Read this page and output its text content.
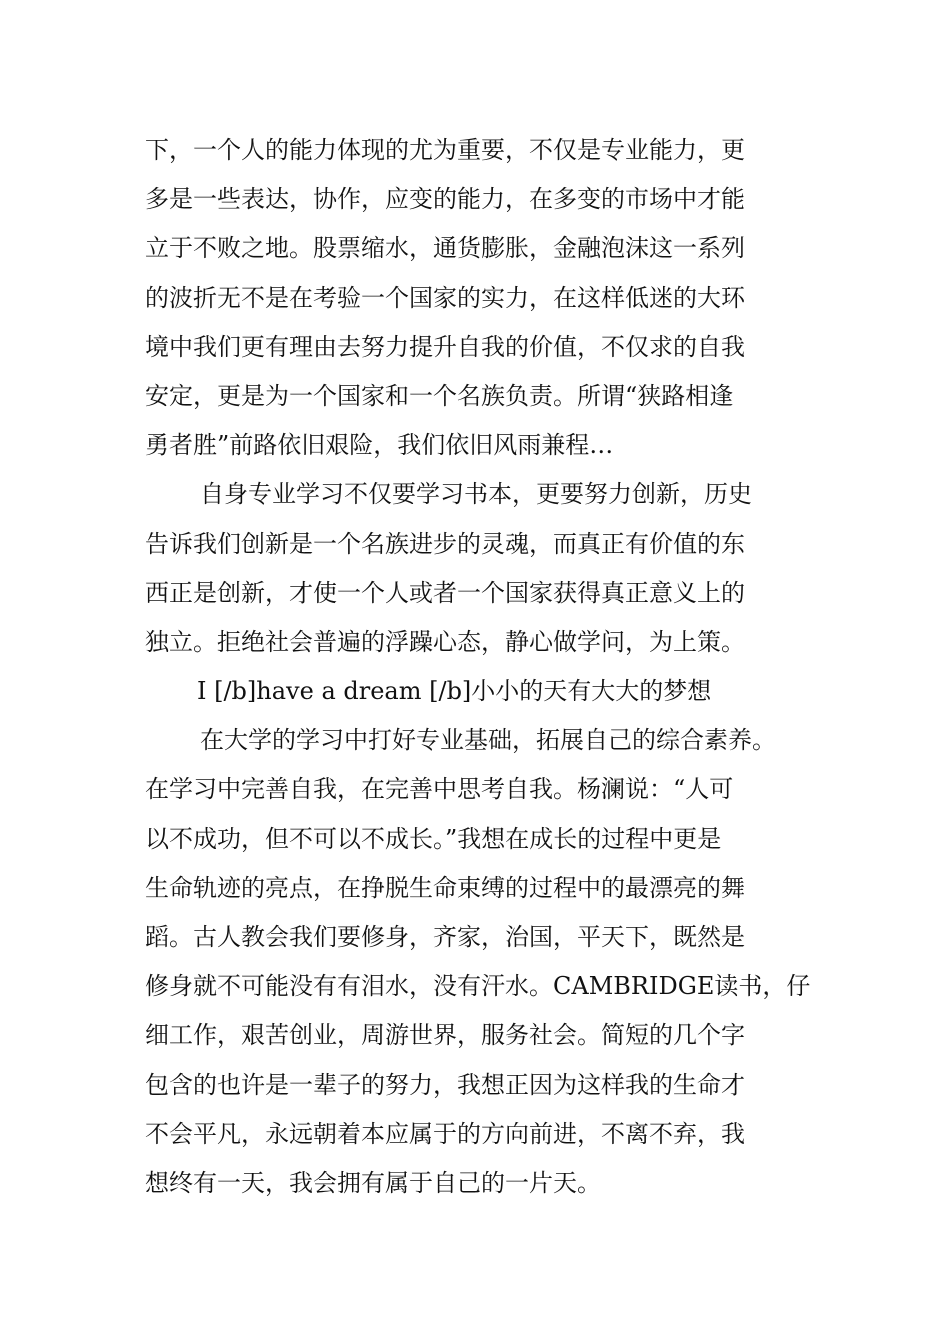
下，一个人的能力体现的尤为重要，不仅是专业能力，更
多是一些表达，协作，应变的能力，在多变的市场中才能
立于不败之地。股票缩水，通货膨胀，金融泡沫这一系列
的波折无不是在考验一个国家的实力，在这样低迷的大环
境中我们更有理由去努力提升自我的价值，不仅求的自我
安定，更是为一个国家和一个名族负责。所谓“狭路相逢
勇者胜”前路依旧艰险，我们依旧风雨兼程…
自身专业学习不仅要学习书本，更要努力创新，历史
告诉我们创新是一个名族进步的灵魂，而真正有价值的东
西正是创新，才使一个人或者一个国家获得真正意义上的
独立。拒绝社会普遍的浮躁心态，静心做学问，为上策。
I [/b]have a dream [/b]小小的天有大大的梦想
在大学的学习中打好专业基础，拓展自己的综合素养。
在学习中完善自我，在完善中思考自我。杨澜说：“人可
以不成功，但不可以不成长。”我想在成长的过程中更是
生命轨迹的亮点，在挣脱生命束缚的过程中的最漂亮的舞
蹈。古人教会我们要修身，齐家，治国，平天下，既然是
修身就不可能没有有泪水，没有汗水。CAMBRIDGE读书，仔
细工作，艰苦创业，周游世界，服务社会。简短的几个字
包含的也许是一辈子的努力，我想正因为这样我的生命才
不会平凡，永远朝着本应属于的方向前进，不离不弃，我
想终有一天，我会拥有属于自己的一片天。
